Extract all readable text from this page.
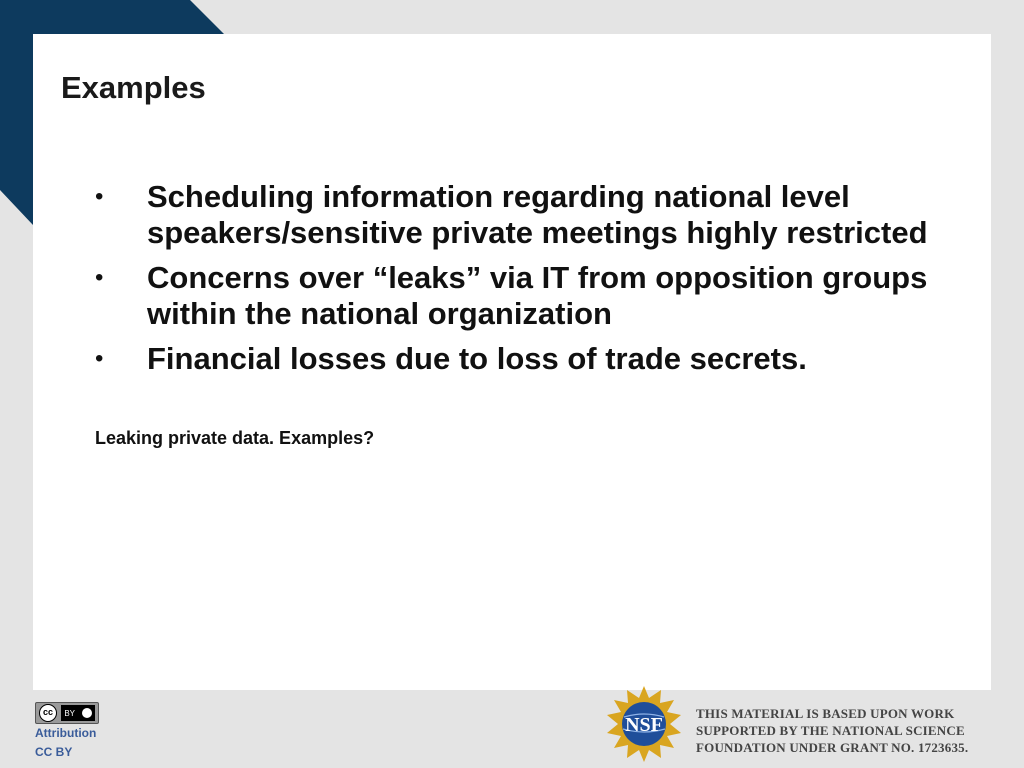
Examples
• Scheduling information regarding national level speakers/sensitive private meetings highly restricted
• Concerns over “leaks” via IT from opposition groups within the national organization
• Financial losses due to loss of trade secrets.

Leaking private data. Examples?

cc	BY
Attribution
CC BY
NSF

THIS MATERIAL IS BASED UPON WORK
SUPPORTED BY THE NATIONAL SCIENCE
FOUNDATION UNDER GRANT NO. 1723635.
